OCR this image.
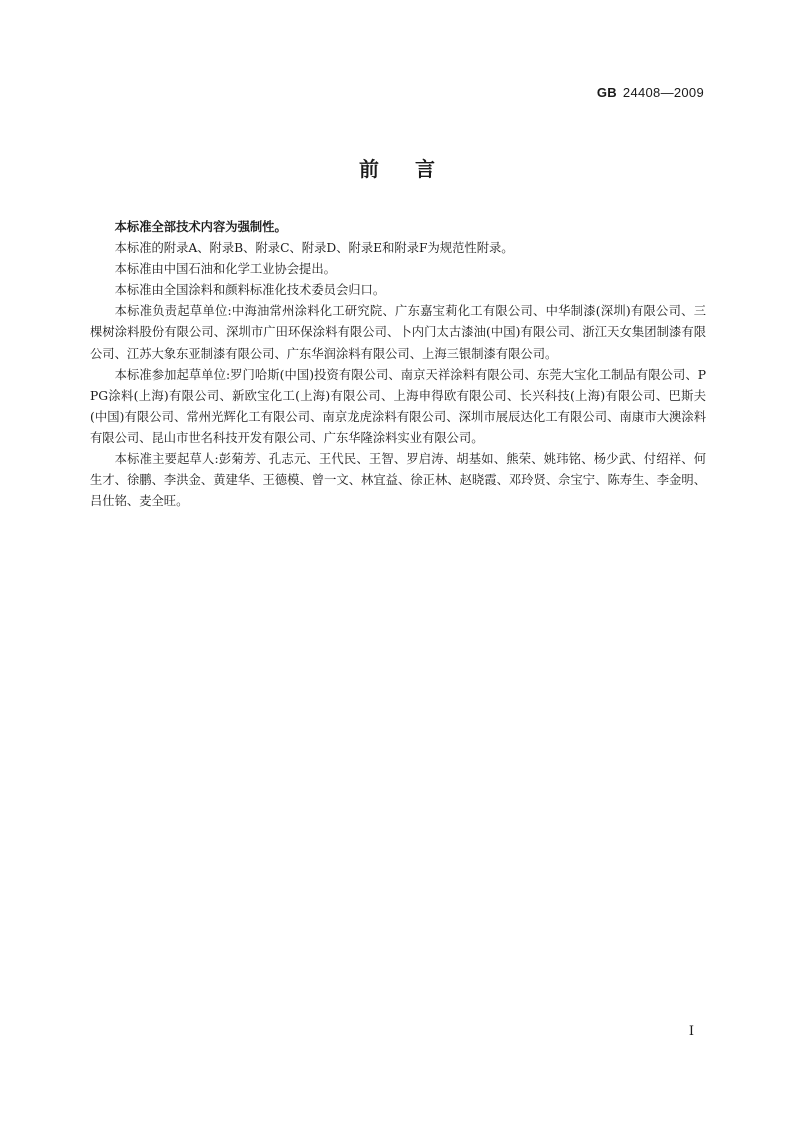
GB 24408—2009
前言

本标准全部技术内容为强制性。

本标准的附录A、附录B、附录C、附录D、附录E和附录F为规范性附录。

本标准由中国石油和化学工业协会提出。

本标准由全国涂料和颜料标准化技术委员会归口。

本标准负责起草单位:中海油常州涂料化工研究院、广东嘉宝莉化工有限公司、中华制漆(深圳)有限公司、三棵树涂料股份有限公司、深圳市广田环保涂料有限公司、卜内门太古漆油(中国)有限公司、浙江天女集团制漆有限公司、江苏大象东亚制漆有限公司、广东华润涂料有限公司、上海三银制漆有限公司。

本标准参加起草单位:罗门哈斯(中国)投资有限公司、南京天祥涂料有限公司、东莞大宝化工制品有限公司、PPG涂料(上海)有限公司、新欧宝化工(上海)有限公司、上海申得欧有限公司、长兴科技(上海)有限公司、巴斯夫(中国)有限公司、常州光辉化工有限公司、南京龙虎涂料有限公司、深圳市展辰达化工有限公司、南康市大澳涂料有限公司、昆山市世名科技开发有限公司、广东华隆涂料实业有限公司。

本标准主要起草人:彭菊芳、孔志元、王代民、王智、罗启涛、胡基如、熊荣、姚玮铭、杨少武、付绍祥、何生才、徐鹏、李洪金、黄建华、王德模、曾一文、林宜益、徐正林、赵晓霞、邓玲贤、佘宝宁、陈寿生、李金明、吕仕铭、麦全旺。

I
